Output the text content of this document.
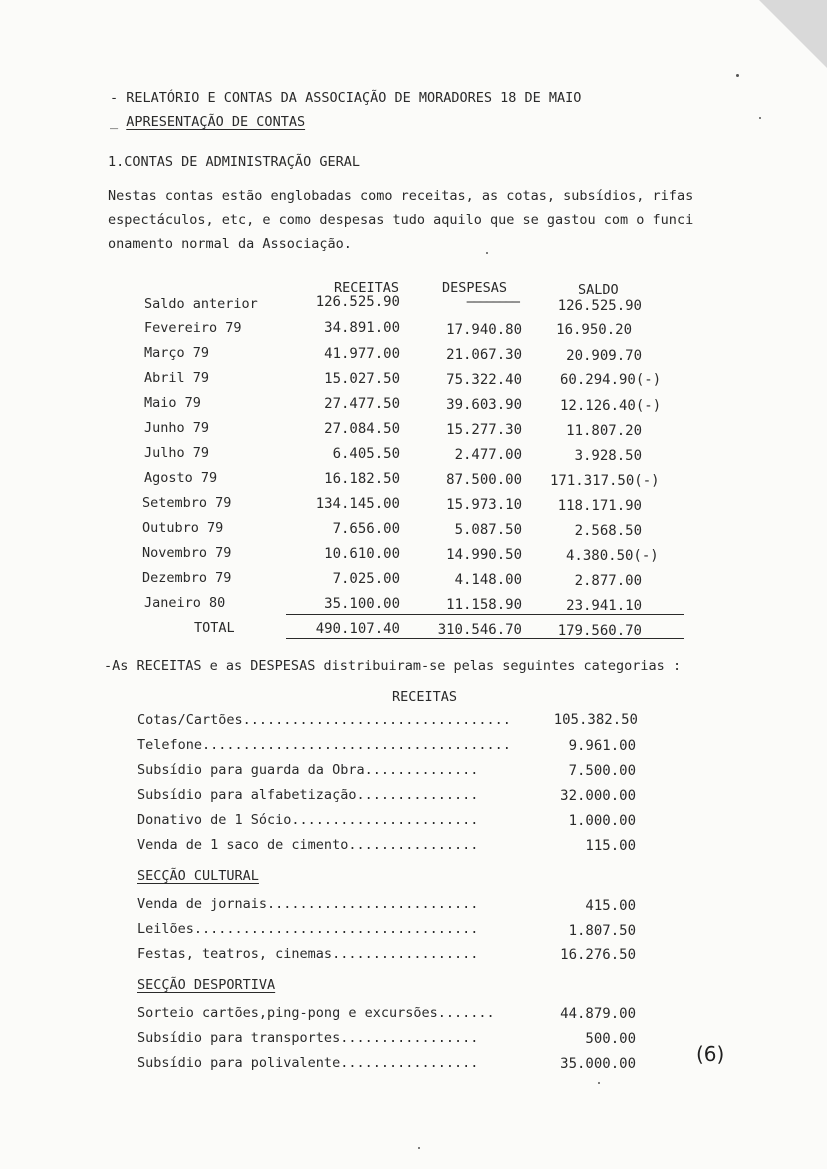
- RELATÓRIO E CONTAS DA ASSOCIAÇÃO DE MORADORES 18 DE MAIO
_ APRESENTAÇÃO DE CONTAS
1.CONTAS DE ADMINISTRAÇÃO GERAL
Nestas contas estão englobadas como receitas, as cotas, subsídios, rifas
espectáculos, etc, e como despesas tudo aquilo que se gastou com o funci
onamento normal da Associação.
RECEITAS	DESPESAS	SALDO
Saldo anterior	126.525.90	————————	126.525.90
Fevereiro 79	34.891.00	17.940.80 16.950.20
Março 79	41.977.00	21.067.30	20.909.70
Abril 79	15.027.50	75.322.40	60.294.90(-)
Maio 79	27.477.50	39.603.90	12.126.40(-)
Junho 79	27.084.50	15.277.30	11.807.20
Julho 79	6.405.50	2.477.00	3.928.50
Agosto 79	16.182.50	87.500.00 171.317.50(-)
Setembro 79	134.145.00	15.973.10	118.171.90
Outubro 79	7.656.00	5.087.50	2.568.50
Novembro 79	10.610.00	14.990.50	4.380.50(-)
Dezembro 79	7.025.00	4.148.00	2.877.00
Janeiro 80	35.100.00	11.158.90	23.941.10
TOTAL	490.107.40	310.546.70	179.560.70
-As RECEITAS e as DESPESAS distribuiram-se pelas seguintes categorias :
RECEITAS
Cotas/Cartões.................................	105.382.50
Telefone......................................	9.961.00
Subsídio para guarda da Obra..............	7.500.00
Subsídio para alfabetização...............	32.000.00
Donativo de 1 Sócio.......................	1.000.00
Venda de 1 saco de cimento................	115.00
SECÇÃO CULTURAL
Venda de jornais..........................	415.00
Leilões...................................	1.807.50
Festas, teatros, cinemas..................	16.276.50
SECÇÃO DESPORTIVA
Sorteio cartões,ping-pong e excursões.......	44.879.00
Subsídio para transportes.................	500.00
Subsídio para polivalente.................	35.000.00	(6)
